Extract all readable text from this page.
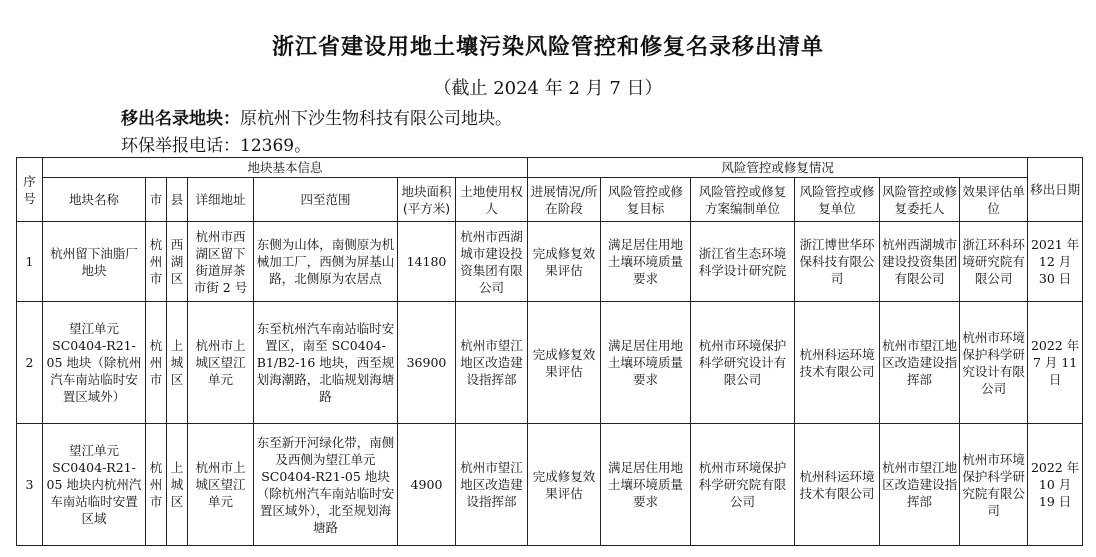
浙江省建设用地土壤污染风险管控和修复名录移出清单
（截止 2024 年 2 月 7 日）
移出名录地块：原杭州下沙生物科技有限公司地块。
环保举报电话：12369。
序号	地块基本信息							风险管控或修复情况						移出日期
	地块名称	市	县	详细地址	四至范围	地块面积(平方米)	土地使用权人	进展情况/所在阶段	风险管控或修复目标	风险管控或修复方案编制单位	风险管控或修复单位	风险管控或修复委托人	效果评估单位	
1	杭州留下油脂厂地块	杭州市	西湖区	杭州市西湖区留下街道屏茶市街 2 号	东侧为山体，南侧原为机械加工厂，西侧为屏基山路，北侧原为农居点	14180	杭州市西湖城市建设投资集团有限公司	完成修复效果评估	满足居住用地土壤环境质量要求	浙江省生态环境科学设计研究院	浙江博世华环保科技有限公司	杭州西湖城市建设投资集团有限公司	浙江环科环境研究院有限公司	2021 年 12 月 30 日
2	望江单元 SC0404-R21-05 地块（除杭州汽车南站临时安置区域外）	杭州市	上城区	杭州市上城区望江单元	东至杭州汽车南站临时安置区，南至 SC0404-B1/B2-16 地块，西至规划海潮路，北临规划海塘路	36900	杭州市望江地区改造建设指挥部	完成修复效果评估	满足居住用地土壤环境质量要求	杭州市环境保护科学研究设计有限公司	杭州科运环境技术有限公司	杭州市望江地区改造建设指挥部	杭州市环境保护科学研究设计有限公司	2022 年 7 月 11 日
3	望江单元 SC0404-R21-05 地块内杭州汽车南站临时安置区域	杭州市	上城区	杭州市上城区望江单元	东至新开河绿化带，南侧及西侧为望江单元 SC0404-R21-05 地块（除杭州汽车南站临时安置区域外），北至规划海塘路	4900	杭州市望江地区改造建设指挥部	完成修复效果评估	满足居住用地土壤环境质量要求	杭州市环境保护科学研究院有限公司	杭州科运环境技术有限公司	杭州市望江地区改造建设指挥部	杭州市环境保护科学研究院有限公司	2022 年 10 月 19 日
